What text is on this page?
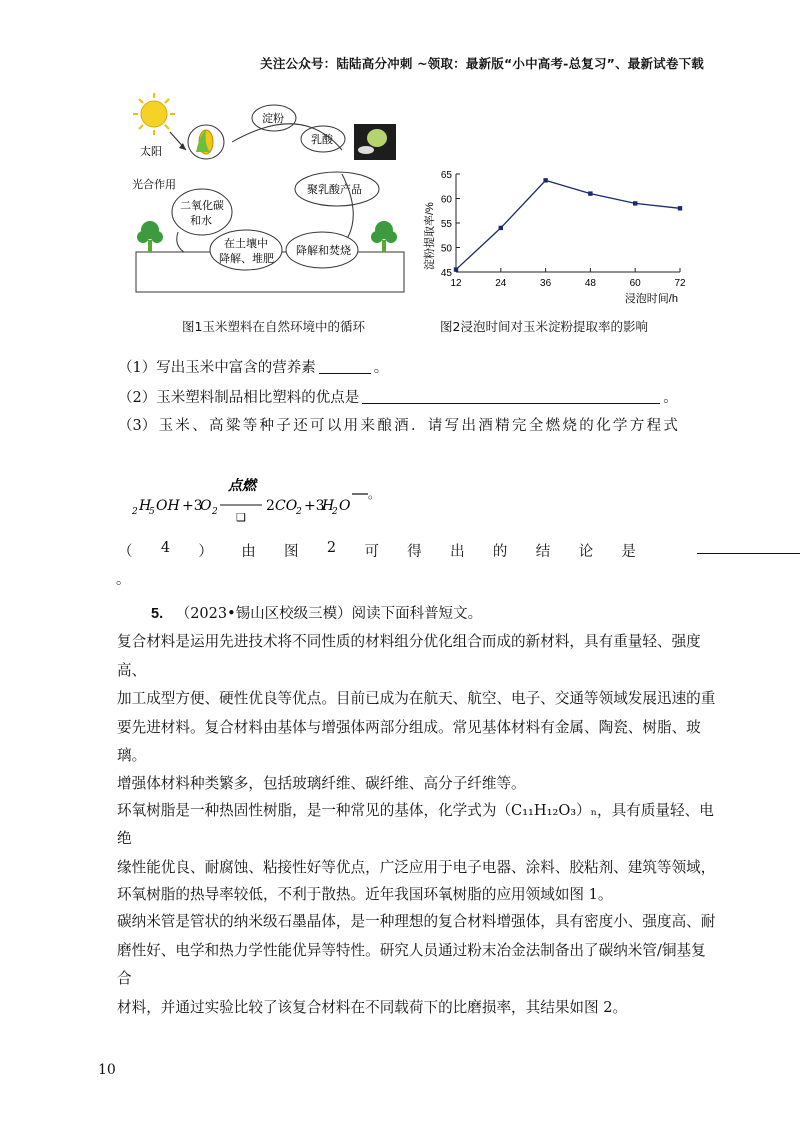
关注公众号：陆陆高分冲刺 ~领取：最新版“小中高考-总复习”、最新试卷下载
太阳
淀粉
乳酸
聚乳酸产品
二氧化碳
和水
光合作用
在土壤中
降解、堆肥
降解和焚烧
45
50
55
60
65
12	24	36	48	60	72
淀粉提取率/%
浸泡时间/h
图1玉米塑料在自然环境中的循环	图2浸泡时间对玉米淀粉提取率的影响
（1）写出玉米中富含的营养素	。
（2）玉米塑料制品相比塑料的优点是	。
（3） 玉 米 、 高 粱 等 种 子 还 可 以 用 来 酿 酒 ． 请 写 出 酒 精 完 全 燃 烧 的 化 学 方 程 式
点燃
2 H
5 OH +3
O 2 ❑
2 CO
2 +3
H
2 O
。
（ 4 ） 由 图 2 可 得 出 的 结 论 是
。
5. （2023•锡山区校级三模）阅读下面科普短文。

复合材料是运用先进技术将不同性质的材料组分优化组合而成的新材料，具有重量轻、强度高、

加工成型方便、硬性优良等优点。目前已成为在航天、航空、电子、交通等领域发展迅速的重

要先进材料。复合材料由基体与增强体两部分组成。常见基体材料有金属、陶瓷、树脂、玻璃。

增强体材料种类繁多，包括玻璃纤维、碳纤维、高分子纤维等。

环氧树脂是一种热固性树脂，是一种常见的基体，化学式为（C₁₁H₁₂O₃）ₙ，具有质量轻、电绝

缘性能优良、耐腐蚀、粘接性好等优点，广泛应用于电子电器、涂料、胶粘剂、建筑等领域，

环氧树脂的热导率较低，不利于散热。近年我国环氧树脂的应用领域如图 1。

碳纳米管是管状的纳米级石墨晶体，是一种理想的复合材料增强体，具有密度小、强度高、耐

磨性好、电学和热力学性能优异等特性。研究人员通过粉末冶金法制备出了碳纳米管/铜基复合

材料，并通过实验比较了该复合材料在不同载荷下的比磨损率，其结果如图 2。

10
